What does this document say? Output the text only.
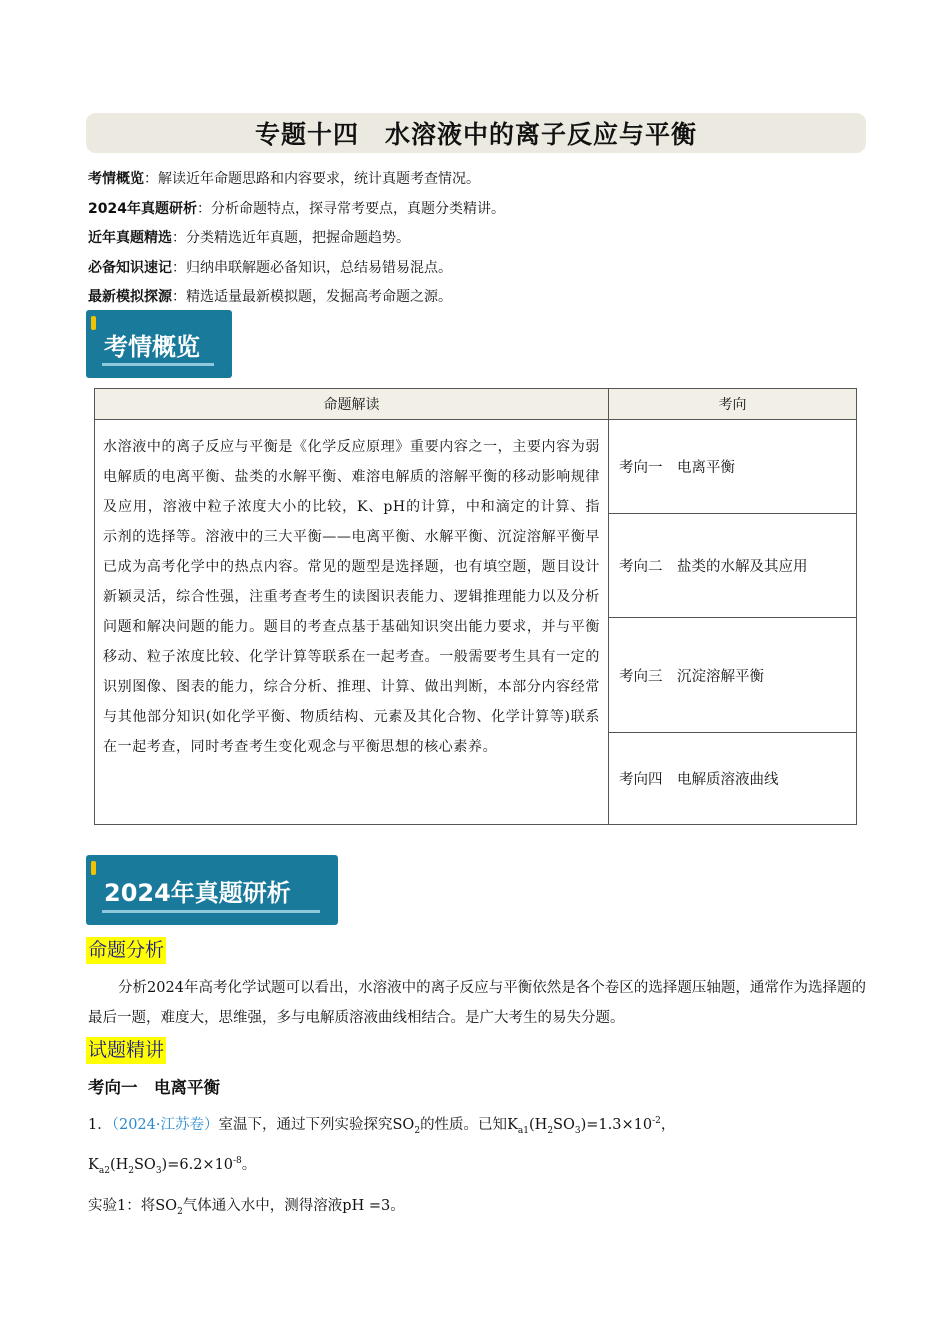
专题十四　水溶液中的离子反应与平衡
考情概览：解读近年命题思路和内容要求，统计真题考查情况。
2024年真题研析：分析命题特点，探寻常考要点，真题分类精讲。
近年真题精选：分类精选近年真题，把握命题趋势。
必备知识速记：归纳串联解题必备知识，总结易错易混点。
最新模拟探源：精选适量最新模拟题，发掘高考命题之源。
考情概览
命题解读	考向
水溶液中的离子反应与平衡是《化学反应原理》重要内容之一，主要内容为弱电解质的电离平衡、盐类的水解平衡、难溶电解质的溶解平衡的移动影响规律及应用，溶液中粒子浓度大小的比较，K、pH的计算，中和滴定的计算、指示剂的选择等。溶液中的三大平衡——电离平衡、水解平衡、沉淀溶解平衡早已成为高考化学中的热点内容。常见的题型是选择题，也有填空题，题目设计新颖灵活，综合性强，注重考查考生的读图识表能力、逻辑推理能力以及分析问题和解决问题的能力。题目的考查点基于基础知识突出能力要求，并与平衡移动、粒子浓度比较、化学计算等联系在一起考查。一般需要考生具有一定的识别图像、图表的能力，综合分析、推理、计算、做出判断，本部分内容经常与其他部分知识(如化学平衡、物质结构、元素及其化合物、化学计算等)联系在一起考查，同时考查考生变化观念与平衡思想的核心素养。	考向一　电离平衡
	考向二　盐类的水解及其应用
	考向三　沉淀溶解平衡
	考向四　电解质溶液曲线
2024年真题研析
命题分析
分析2024年高考化学试题可以看出，水溶液中的离子反应与平衡依然是各个卷区的选择题压轴题，通常作为选择题的最后一题，难度大，思维强，多与电解质溶液曲线相结合。是广大考生的易失分题。
试题精讲
考向一　电离平衡
1．（2024·江苏卷）室温下，通过下列实验探究$SO_2$的性质。已知$K_{a1}(H_2SO_3)=1.3\times 10^{-2}$，
$K_{a2}(H_2SO_3)=6.2\times 10^{-8}$。
实验1：将$SO_2$气体通入水中，测得溶液pH =3。
